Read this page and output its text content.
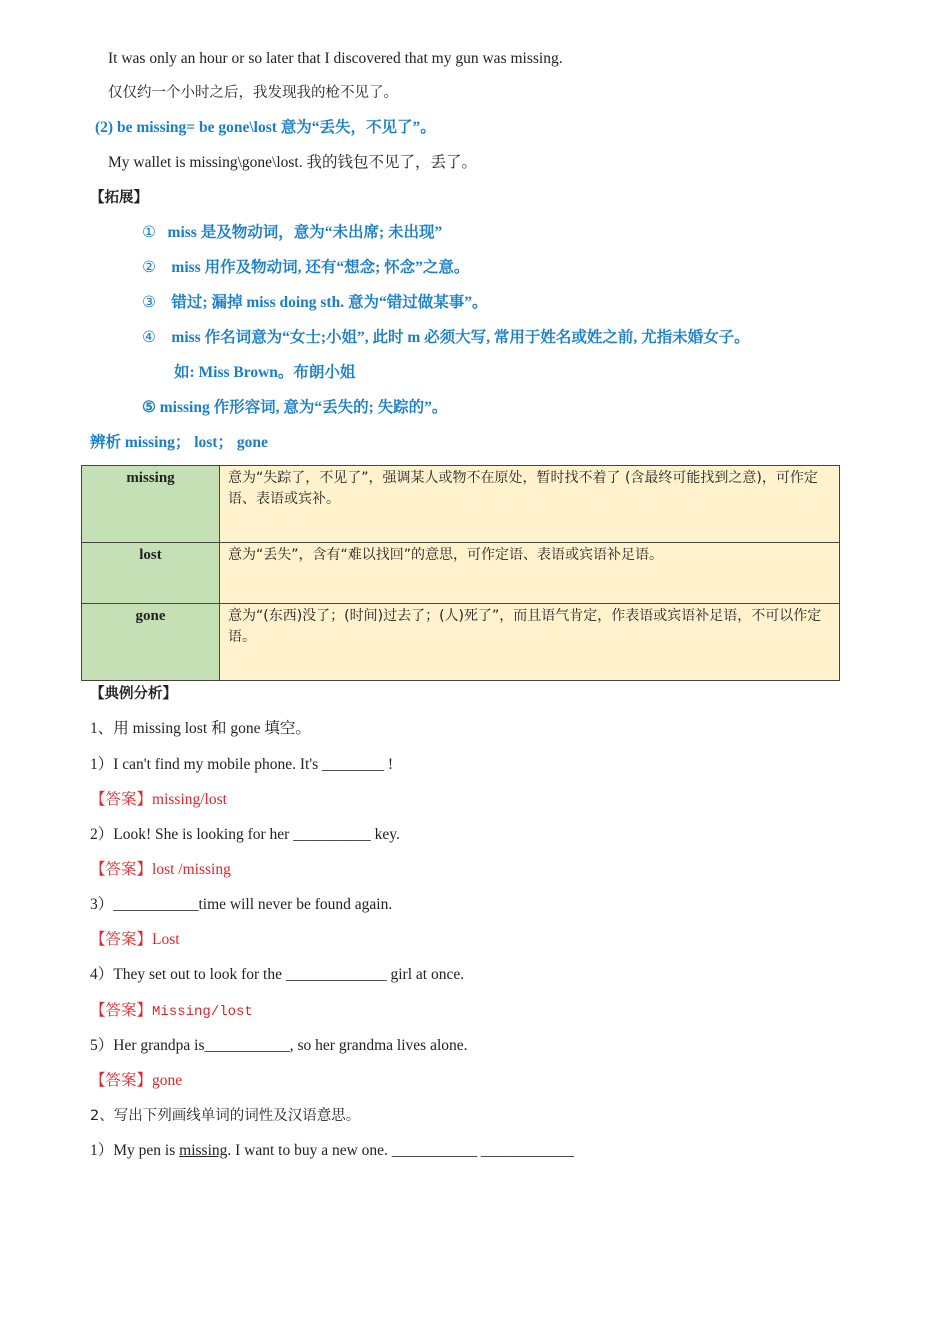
It was only an hour or so later that I discovered that my gun was missing.
仅仅约一个小时之后，我发现我的枪不见了。
(2) be missing= be gone\lost 意为“丢失，不见了”。
My wallet is missing\gone\lost. 我的钱包不见了，丢了。
【拓展】
① miss 是及物动词，意为“未出席; 未出现”
② miss 用作及物动词, 还有“想念; 怀念”之意。
③ 错过; 漏掉 miss doing sth. 意为“错过做某事”。
④ miss 作名词意为“女士;小姐”, 此时 m 必须大写, 常用于姓名或姓之前, 尤指未婚女子。
如: Miss Brown。布朗小姐
⑤ missing 作形容词, 意为“丢失的; 失踪的”。
辨析 missing； lost； gone
missing	意为“失踪了，不见了”，强调某人或物不在原处，暂时找不着了 (含最终可能找到之意)，可作定语、表语或宾补。
lost	意为“丢失”，含有“难以找回”的意思，可作定语、表语或宾语补足语。
gone	意为“(东西)没了；(时间)过去了；(人)死了”，而且语气肯定，作表语或宾语补足语，不可以作定语。
【典例分析】
1、用 missing lost 和 gone 填空。
1）I can't find my mobile phone. It's ________ !
【答案】missing/lost
2）Look! She is looking for her __________ key.
【答案】lost /missing
3）___________time will never be found again.
【答案】Lost
4）They set out to look for the _____________ girl at once.
【答案】Missing/lost
5）Her grandpa is___________, so her grandma lives alone.
【答案】gone
2、写出下列画线单词的词性及汉语意思。
1）My pen is missing. I want to buy a new one. ___________ ____________
